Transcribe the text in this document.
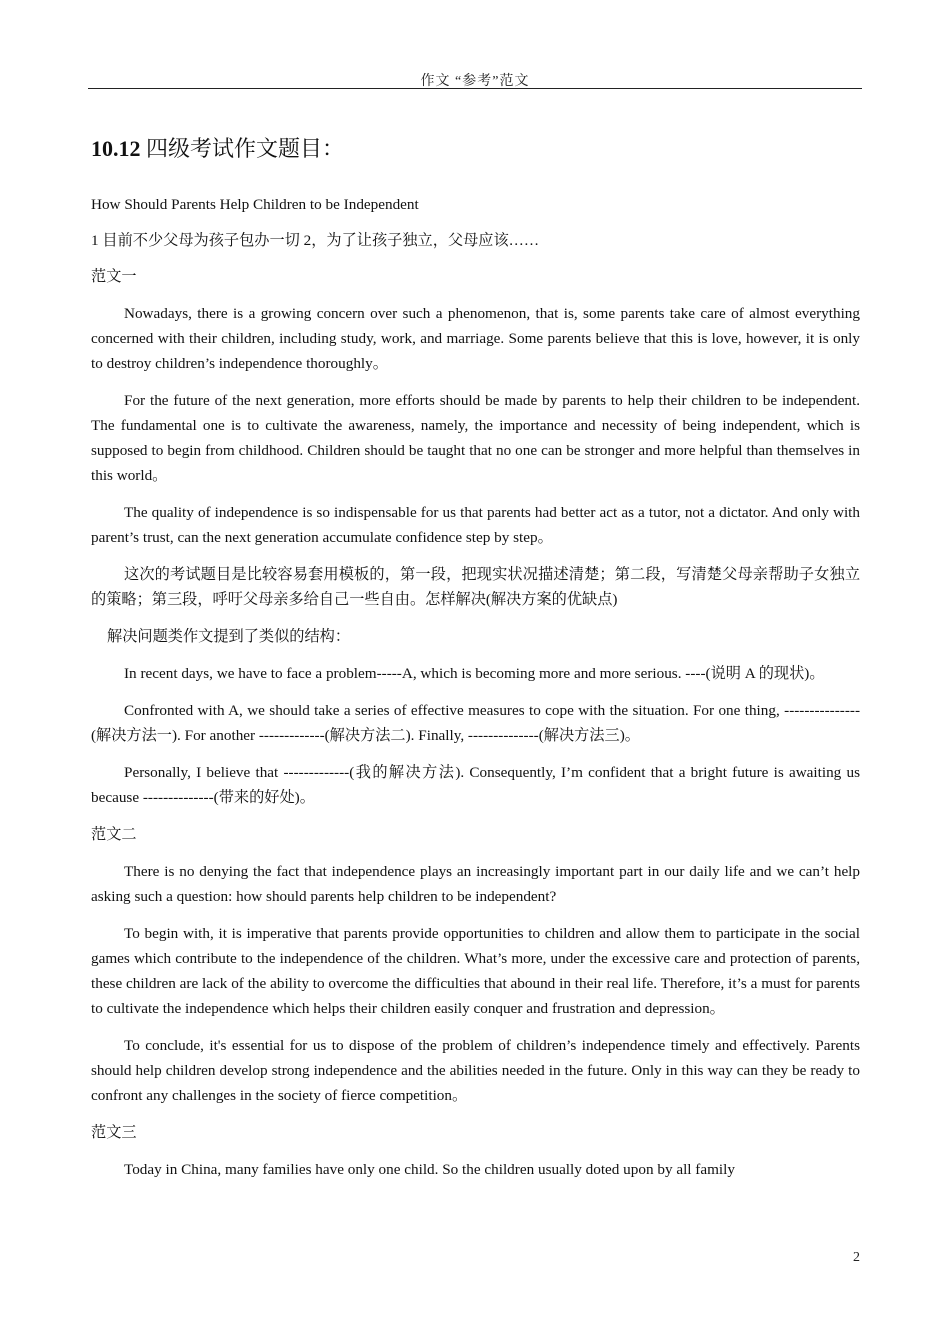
作文 “参考”范文
10.12 四级考试作文题目：

How Should Parents Help Children to be Independent

1 目前不少父母为孩子包办一切 2，为了让孩子独立，父母应该……

范文一

Nowadays, there is a growing concern over such a phenomenon, that is, some parents take care of almost everything concerned with their children, including study, work, and marriage. Some parents believe that this is love, however, it is only to destroy children’s independence thoroughly。

For the future of the next generation, more efforts should be made by parents to help their children to be independent. The fundamental one is to cultivate the awareness, namely, the importance and necessity of being independent, which is supposed to begin from childhood. Children should be taught that no one can be stronger and more helpful than themselves in this world。

The quality of independence is so indispensable for us that parents had better act as a tutor, not a dictator. And only with parent’s trust, can the next generation accumulate confidence step by step。

这次的考试题目是比较容易套用模板的，第一段，把现实状况描述清楚；第二段，写清楚父母亲帮助子女独立的策略；第三段，呼吁父母亲多给自己一些自由。怎样解决(解决方案的优缺点)

解决问题类作文提到了类似的结构：

In recent days, we have to face a problem-----A, which is becoming more and more serious. ----(说明 A 的现状)。

Confronted with A, we should take a series of effective measures to cope with the situation. For one thing, ---------------(解决方法一). For another -------------(解决方法二). Finally, --------------(解决方法三)。

Personally, I believe that -------------(我的解决方法). Consequently, I’m confident that a bright future is awaiting us because --------------(带来的好处)。

范文二

There is no denying the fact that independence plays an increasingly important part in our daily life and we can’t help asking such a question: how should parents help children to be independent?

To begin with, it is imperative that parents provide opportunities to children and allow them to participate in the social games which contribute to the independence of the children. What’s more, under the excessive care and protection of parents, these children are lack of the ability to overcome the difficulties that abound in their real life. Therefore, it’s a must for parents to cultivate the independence which helps their children easily conquer and frustration and depression。

To conclude, it's essential for us to dispose of the problem of children’s independence timely and effectively. Parents should help children develop strong independence and the abilities needed in the future. Only in this way can they be ready to confront any challenges in the society of fierce competition。

范文三

Today in China, many families have only one child. So the children usually doted upon by all family

2
